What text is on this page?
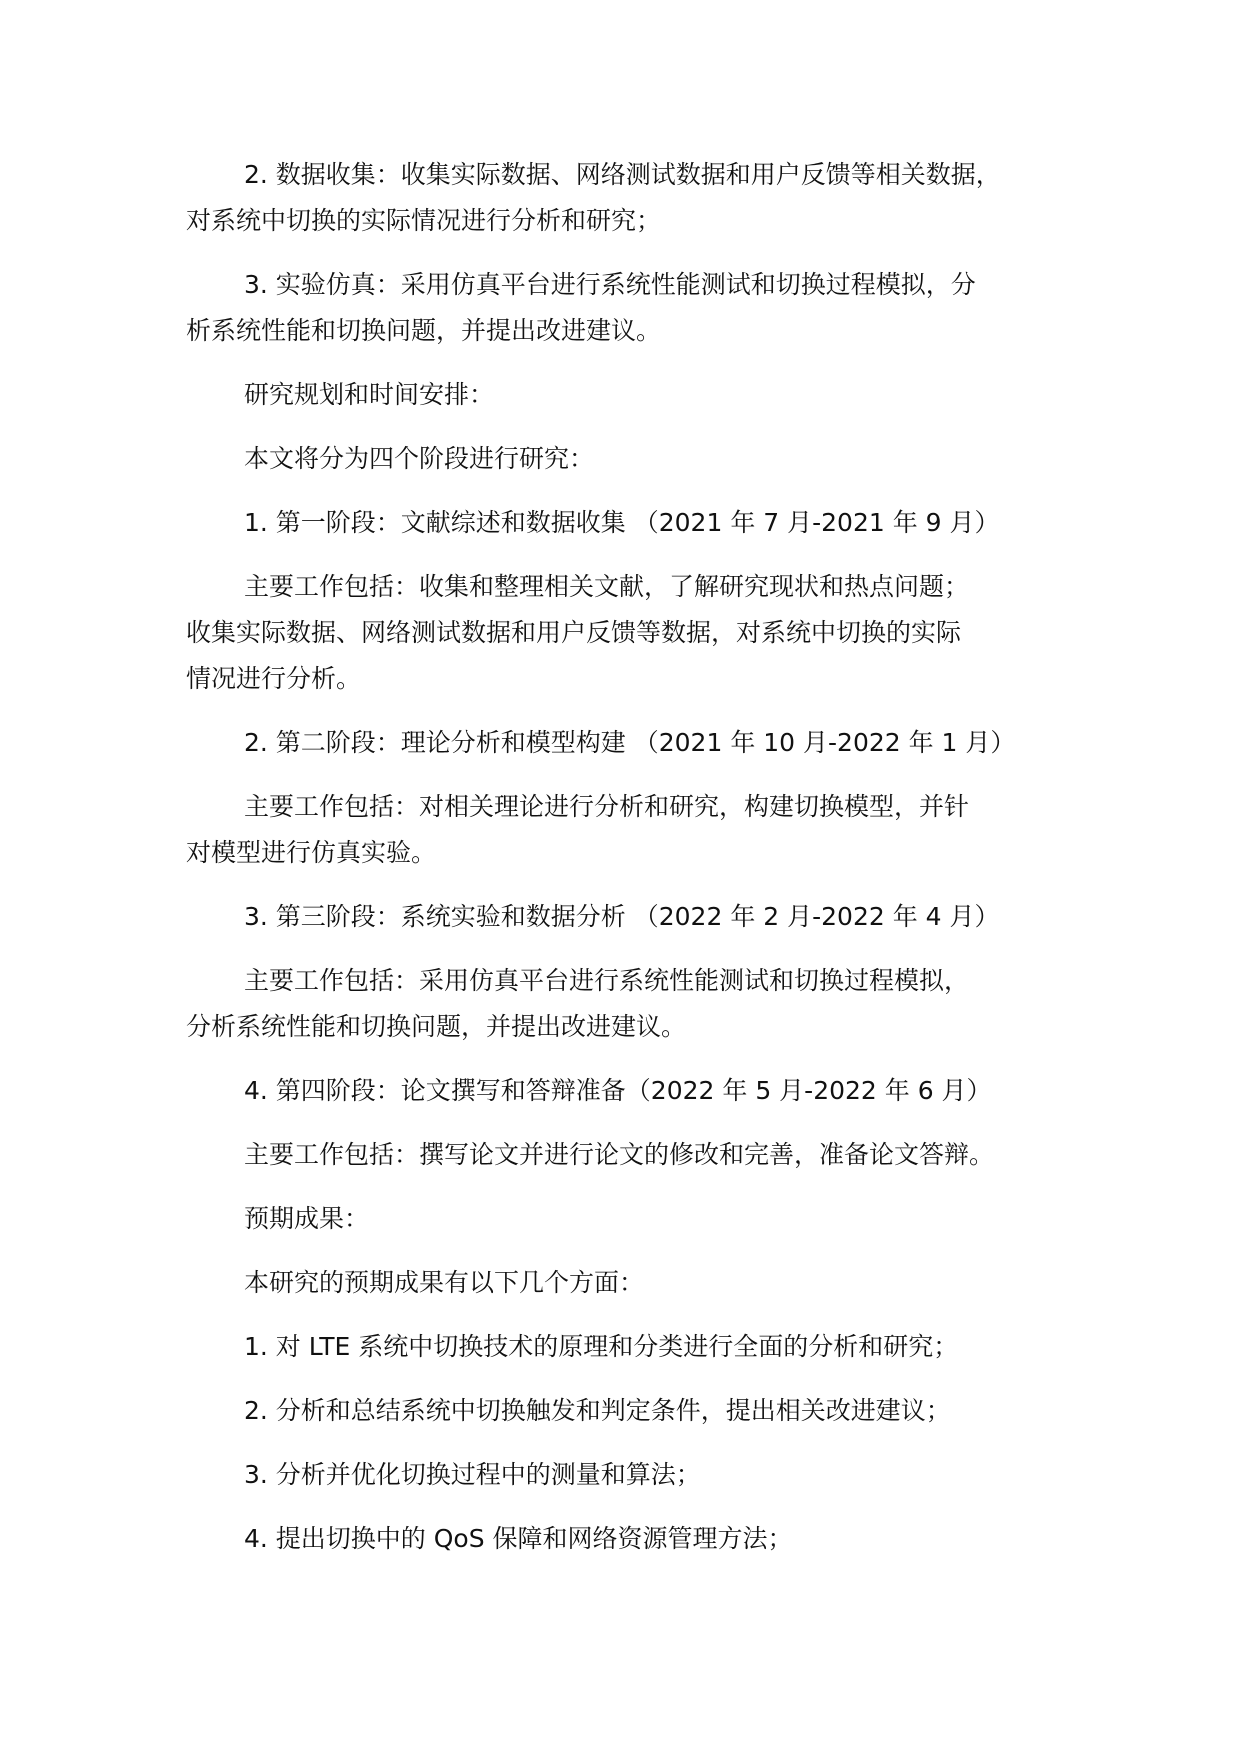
2. 数据收集：收集实际数据、网络测试数据和用户反馈等相关数据，
对系统中切换的实际情况进行分析和研究；
3. 实验仿真：采用仿真平台进行系统性能测试和切换过程模拟，分
析系统性能和切换问题，并提出改进建议。
研究规划和时间安排：
本文将分为四个阶段进行研究：
1. 第一阶段：文献综述和数据收集 （2021 年 7 月-2021 年 9 月）
主要工作包括：收集和整理相关文献，了解研究现状和热点问题；
收集实际数据、网络测试数据和用户反馈等数据，对系统中切换的实际
情况进行分析。
2. 第二阶段：理论分析和模型构建 （2021 年 10 月-2022 年 1 月）
主要工作包括：对相关理论进行分析和研究，构建切换模型，并针
对模型进行仿真实验。
3. 第三阶段：系统实验和数据分析 （2022 年 2 月-2022 年 4 月）
主要工作包括：采用仿真平台进行系统性能测试和切换过程模拟，
分析系统性能和切换问题，并提出改进建议。
4. 第四阶段：论文撰写和答辩准备（2022 年 5 月-2022 年 6 月）
主要工作包括：撰写论文并进行论文的修改和完善，准备论文答辩。
预期成果：
本研究的预期成果有以下几个方面：
1. 对 LTE 系统中切换技术的原理和分类进行全面的分析和研究；
2. 分析和总结系统中切换触发和判定条件，提出相关改进建议；
3. 分析并优化切换过程中的测量和算法；
4. 提出切换中的 QoS 保障和网络资源管理方法；
